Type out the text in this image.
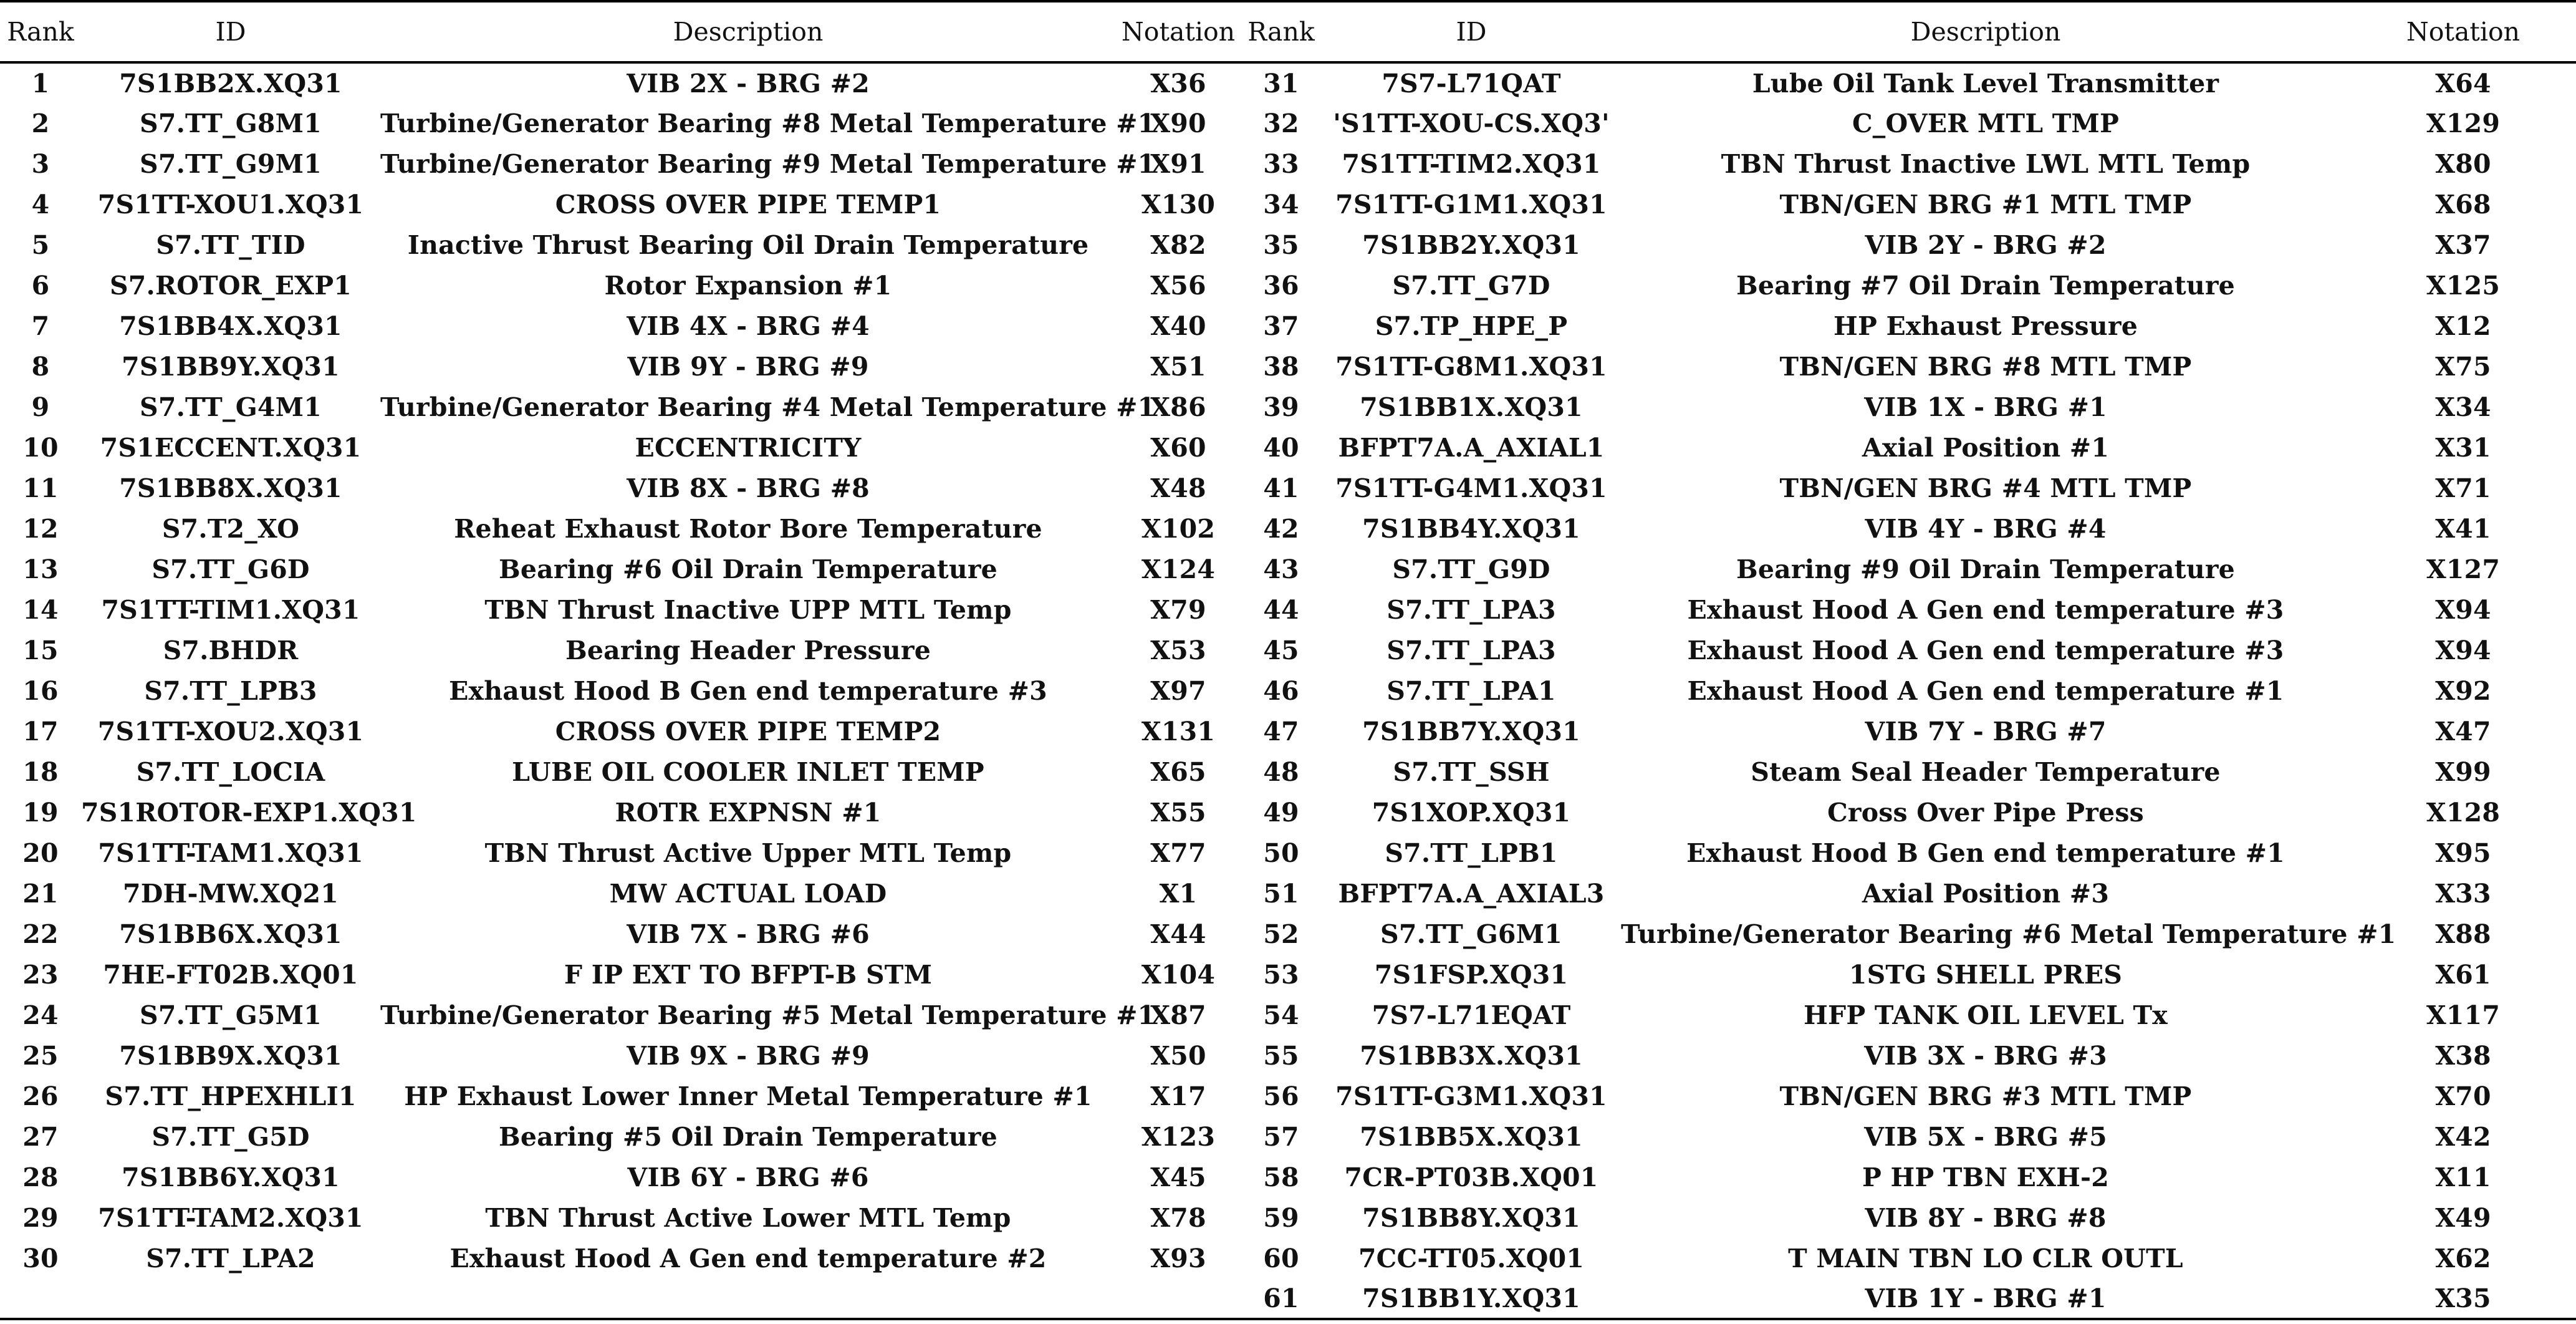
Rank	ID	Description	Notation	Rank	ID	Description	Notation
1	7S1BB2X.XQ31	VIB 2X - BRG #2	X36	31	7S7-L71QAT	Lube Oil Tank Level Transmitter	X64
2	S7.TT_G8M1	Turbine/Generator Bearing #8 Metal Temperature #1	X90	32	'S1TT-XOU-CS.XQ3'	C_OVER MTL TMP	X129
3	S7.TT_G9M1	Turbine/Generator Bearing #9 Metal Temperature #1	X91	33	7S1TT-TIM2.XQ31	TBN Thrust Inactive LWL MTL Temp	X80
4	7S1TT-XOU1.XQ31	CROSS OVER PIPE TEMP1	X130	34	7S1TT-G1M1.XQ31	TBN/GEN BRG #1 MTL TMP	X68
5	S7.TT_TID	Inactive Thrust Bearing Oil Drain Temperature	X82	35	7S1BB2Y.XQ31	VIB 2Y - BRG #2	X37
6	S7.ROTOR_EXP1	Rotor Expansion #1	X56	36	S7.TT_G7D	Bearing #7 Oil Drain Temperature	X125
7	7S1BB4X.XQ31	VIB 4X - BRG #4	X40	37	S7.TP_HPE_P	HP Exhaust Pressure	X12
8	7S1BB9Y.XQ31	VIB 9Y - BRG #9	X51	38	7S1TT-G8M1.XQ31	TBN/GEN BRG #8 MTL TMP	X75
9	S7.TT_G4M1	Turbine/Generator Bearing #4 Metal Temperature #1	X86	39	7S1BB1X.XQ31	VIB 1X - BRG #1	X34
10	7S1ECCENT.XQ31	ECCENTRICITY	X60	40	BFPT7A.A_AXIAL1	Axial Position #1	X31
11	7S1BB8X.XQ31	VIB 8X - BRG #8	X48	41	7S1TT-G4M1.XQ31	TBN/GEN BRG #4 MTL TMP	X71
12	S7.T2_XO	Reheat Exhaust Rotor Bore Temperature	X102	42	7S1BB4Y.XQ31	VIB 4Y - BRG #4	X41
13	S7.TT_G6D	Bearing #6 Oil Drain Temperature	X124	43	S7.TT_G9D	Bearing #9 Oil Drain Temperature	X127
14	7S1TT-TIM1.XQ31	TBN Thrust Inactive UPP MTL Temp	X79	44	S7.TT_LPA3	Exhaust Hood A Gen end temperature #3	X94
15	S7.BHDR	Bearing Header Pressure	X53	45	S7.TT_LPA3	Exhaust Hood A Gen end temperature #3	X94
16	S7.TT_LPB3	Exhaust Hood B Gen end temperature #3	X97	46	S7.TT_LPA1	Exhaust Hood A Gen end temperature #1	X92
17	7S1TT-XOU2.XQ31	CROSS OVER PIPE TEMP2	X131	47	7S1BB7Y.XQ31	VIB 7Y - BRG #7	X47
18	S7.TT_LOCIA	LUBE OIL COOLER INLET TEMP	X65	48	S7.TT_SSH	Steam Seal Header Temperature	X99
19	7S1ROTOR-EXP1.XQ31	ROTR EXPNSN #1	X55	49	7S1XOP.XQ31	Cross Over Pipe Press	X128
20	7S1TT-TAM1.XQ31	TBN Thrust Active Upper MTL Temp	X77	50	S7.TT_LPB1	Exhaust Hood B Gen end temperature #1	X95
21	7DH-MW.XQ21	MW ACTUAL LOAD	X1	51	BFPT7A.A_AXIAL3	Axial Position #3	X33
22	7S1BB6X.XQ31	VIB 7X - BRG #6	X44	52	S7.TT_G6M1	Turbine/Generator Bearing #6 Metal Temperature #1	X88
23	7HE-FT02B.XQ01	F IP EXT TO BFPT-B STM	X104	53	7S1FSP.XQ31	1STG SHELL PRES	X61
24	S7.TT_G5M1	Turbine/Generator Bearing #5 Metal Temperature #1	X87	54	7S7-L71EQAT	HFP TANK OIL LEVEL Tx	X117
25	7S1BB9X.XQ31	VIB 9X - BRG #9	X50	55	7S1BB3X.XQ31	VIB 3X - BRG #3	X38
26	S7.TT_HPEXHLI1	HP Exhaust Lower Inner Metal Temperature #1	X17	56	7S1TT-G3M1.XQ31	TBN/GEN BRG #3 MTL TMP	X70
27	S7.TT_G5D	Bearing #5 Oil Drain Temperature	X123	57	7S1BB5X.XQ31	VIB 5X - BRG #5	X42
28	7S1BB6Y.XQ31	VIB 6Y - BRG #6	X45	58	7CR-PT03B.XQ01	P HP TBN EXH-2	X11
29	7S1TT-TAM2.XQ31	TBN Thrust Active Lower MTL Temp	X78	59	7S1BB8Y.XQ31	VIB 8Y - BRG #8	X49
30	S7.TT_LPA2	Exhaust Hood A Gen end temperature #2	X93	60	7CC-TT05.XQ01	T MAIN TBN LO CLR OUTL	X62
				61	7S1BB1Y.XQ31	VIB 1Y - BRG #1	X35
